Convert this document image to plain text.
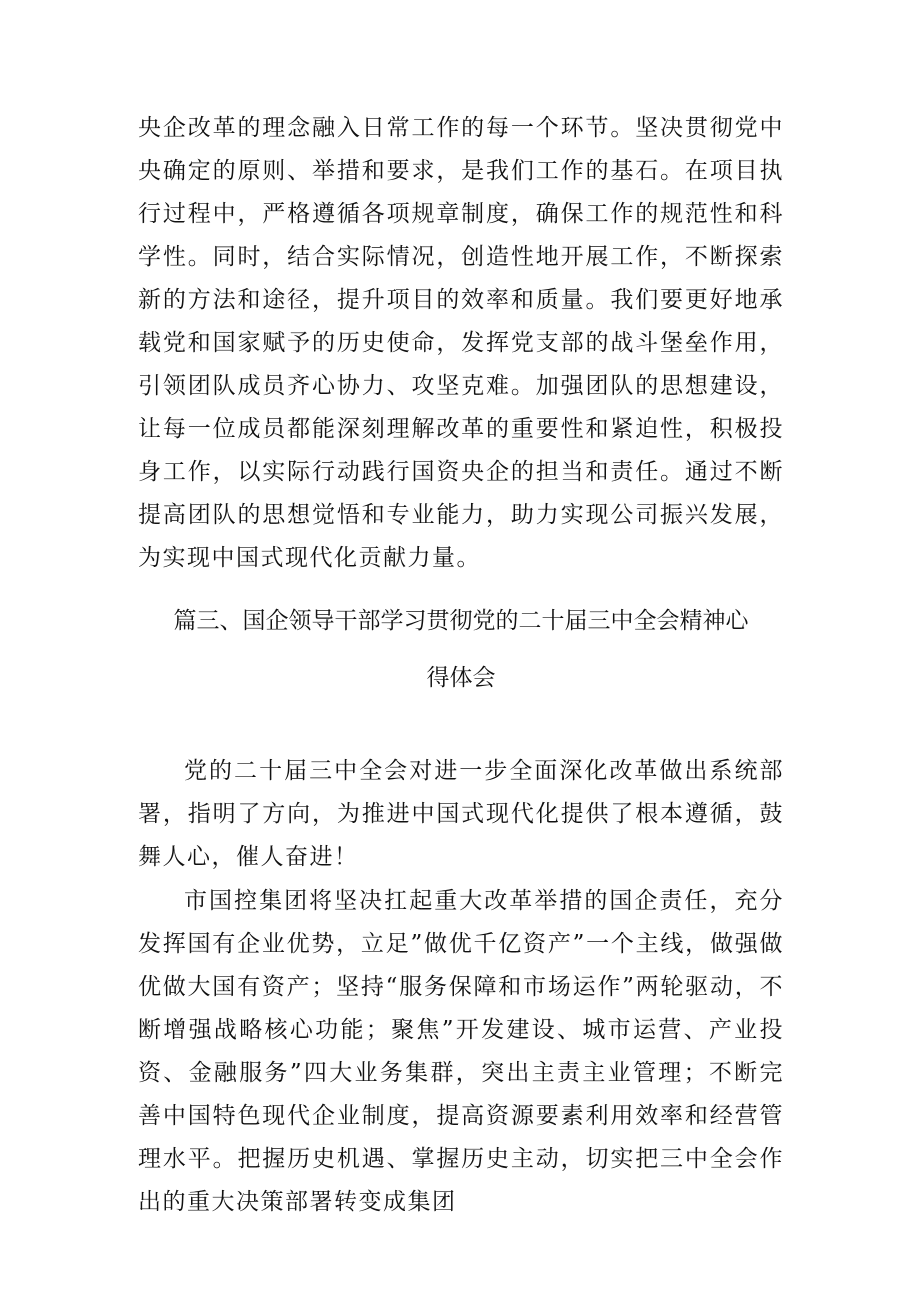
央企改革的理念融入日常工作的每一个环节。坚决贯彻党中央确定的原则、举措和要求，是我们工作的基石。在项目执行过程中，严格遵循各项规章制度，确保工作的规范性和科学性。同时，结合实际情况，创造性地开展工作，不断探索新的方法和途径，提升项目的效率和质量。我们要更好地承载党和国家赋予的历史使命，发挥党支部的战斗堡垒作用，引领团队成员齐心协力、攻坚克难。加强团队的思想建设，让每一位成员都能深刻理解改革的重要性和紧迫性，积极投身工作，以实际行动践行国资央企的担当和责任。通过不断提高团队的思想觉悟和专业能力，助力实现公司振兴发展，为实现中国式现代化贡献力量。

篇三、国企领导干部学习贯彻党的二十届三中全会精神心
得体会

党的二十届三中全会对进一步全面深化改革做出系统部署，指明了方向，为推进中国式现代化提供了根本遵循，鼓舞人心，催人奋进！

市国控集团将坚决扛起重大改革举措的国企责任，充分发挥国有企业优势，立足”做优千亿资产”一个主线，做强做优做大国有资产；坚持“服务保障和市场运作”两轮驱动，不断增强战略核心功能；聚焦”开发建设、城市运营、产业投资、金融服务”四大业务集群，突出主责主业管理；不断完善中国特色现代企业制度，提高资源要素利用效率和经营管理水平。把握历史机遇、掌握历史主动，切实把三中全会作出的重大决策部署转变成集团
